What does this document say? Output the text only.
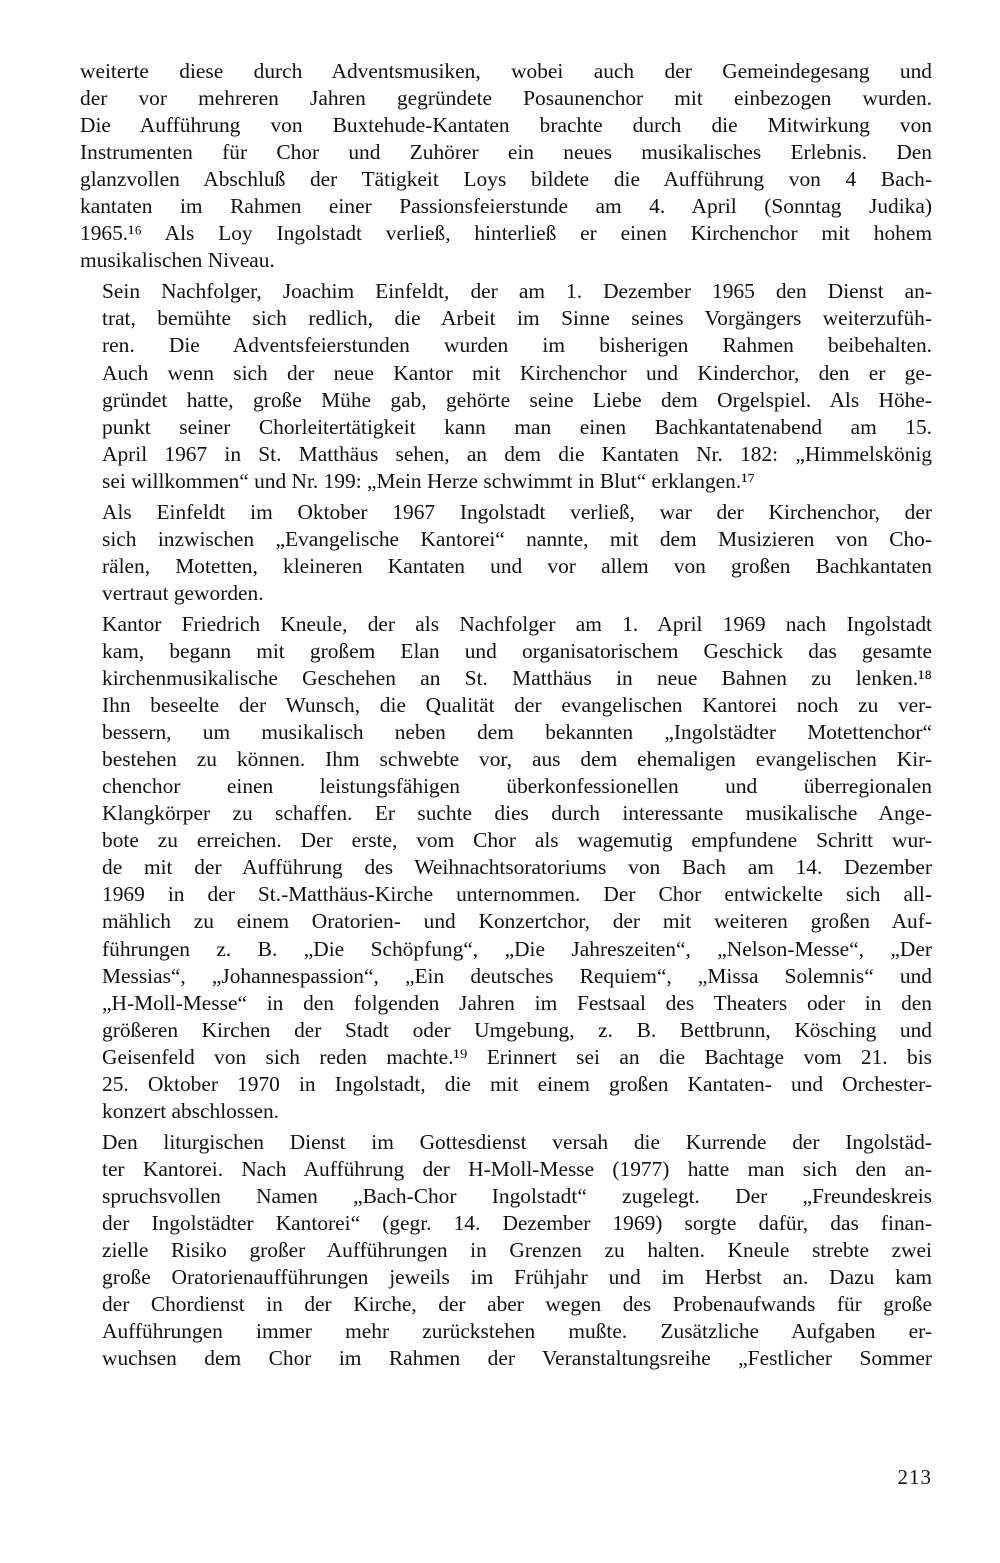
weiterte diese durch Adventsmusiken, wobei auch der Gemeindegesang und
der vor mehreren Jahren gegründete Posaunenchor mit einbezogen wurden.
Die Aufführung von Buxtehude-Kantaten brachte durch die Mitwirkung von
Instrumenten für Chor und Zuhörer ein neues musikalisches Erlebnis. Den
glanzvollen Abschluß der Tätigkeit Loys bildete die Aufführung von 4 Bach-
kantaten im Rahmen einer Passionsfeierstunde am 4. April (Sonntag Judika)
1965.¹⁶ Als Loy Ingolstadt verließ, hinterließ er einen Kirchenchor mit hohem
musikalischen Niveau.
Sein Nachfolger, Joachim Einfeldt, der am 1. Dezember 1965 den Dienst an-
trat, bemühte sich redlich, die Arbeit im Sinne seines Vorgängers weiterzufüh-
ren. Die Adventsfeierstunden wurden im bisherigen Rahmen beibehalten.
Auch wenn sich der neue Kantor mit Kirchenchor und Kinderchor, den er ge-
gründet hatte, große Mühe gab, gehörte seine Liebe dem Orgelspiel. Als Höhe-
punkt seiner Chorleitertätigkeit kann man einen Bachkantatenabend am 15.
April 1967 in St. Matthäus sehen, an dem die Kantaten Nr. 182: „Himmelskönig
sei willkommen“ und Nr. 199: „Mein Herze schwimmt in Blut“ erklangen.¹⁷
Als Einfeldt im Oktober 1967 Ingolstadt verließ, war der Kirchenchor, der
sich inzwischen „Evangelische Kantorei“ nannte, mit dem Musizieren von Cho-
rälen, Motetten, kleineren Kantaten und vor allem von großen Bachkantaten
vertraut geworden.
Kantor Friedrich Kneule, der als Nachfolger am 1. April 1969 nach Ingolstadt
kam, begann mit großem Elan und organisatorischem Geschick das gesamte
kirchenmusikalische Geschehen an St. Matthäus in neue Bahnen zu lenken.¹⁸
Ihn beseelte der Wunsch, die Qualität der evangelischen Kantorei noch zu ver-
bessern, um musikalisch neben dem bekannten „Ingolstädter Motettenchor“
bestehen zu können. Ihm schwebte vor, aus dem ehemaligen evangelischen Kir-
chenchor einen leistungsfähigen überkonfessionellen und überregionalen
Klangkörper zu schaffen. Er suchte dies durch interessante musikalische Ange-
bote zu erreichen. Der erste, vom Chor als wagemutig empfundene Schritt wur-
de mit der Aufführung des Weihnachtsoratoriums von Bach am 14. Dezember
1969 in der St.-Matthäus-Kirche unternommen. Der Chor entwickelte sich all-
mählich zu einem Oratorien- und Konzertchor, der mit weiteren großen Auf-
führungen z. B. „Die Schöpfung“, „Die Jahreszeiten“, „Nelson-Messe“, „Der
Messias“, „Johannespassion“, „Ein deutsches Requiem“, „Missa Solemnis“ und
„H-Moll-Messe“ in den folgenden Jahren im Festsaal des Theaters oder in den
größeren Kirchen der Stadt oder Umgebung, z. B. Bettbrunn, Kösching und
Geisenfeld von sich reden machte.¹⁹ Erinnert sei an die Bachtage vom 21. bis
25. Oktober 1970 in Ingolstadt, die mit einem großen Kantaten- und Orchester-
konzert abschlossen.
Den liturgischen Dienst im Gottesdienst versah die Kurrende der Ingolstäd-
ter Kantorei. Nach Aufführung der H-Moll-Messe (1977) hatte man sich den an-
spruchsvollen Namen „Bach-Chor Ingolstadt“ zugelegt. Der „Freundeskreis
der Ingolstädter Kantorei“ (gegr. 14. Dezember 1969) sorgte dafür, das finan-
zielle Risiko großer Aufführungen in Grenzen zu halten. Kneule strebte zwei
große Oratorienaufführungen jeweils im Frühjahr und im Herbst an. Dazu kam
der Chordienst in der Kirche, der aber wegen des Probenaufwands für große
Aufführungen immer mehr zurückstehen mußte. Zusätzliche Aufgaben er-
wuchsen dem Chor im Rahmen der Veranstaltungsreihe „Festlicher Sommer
213
